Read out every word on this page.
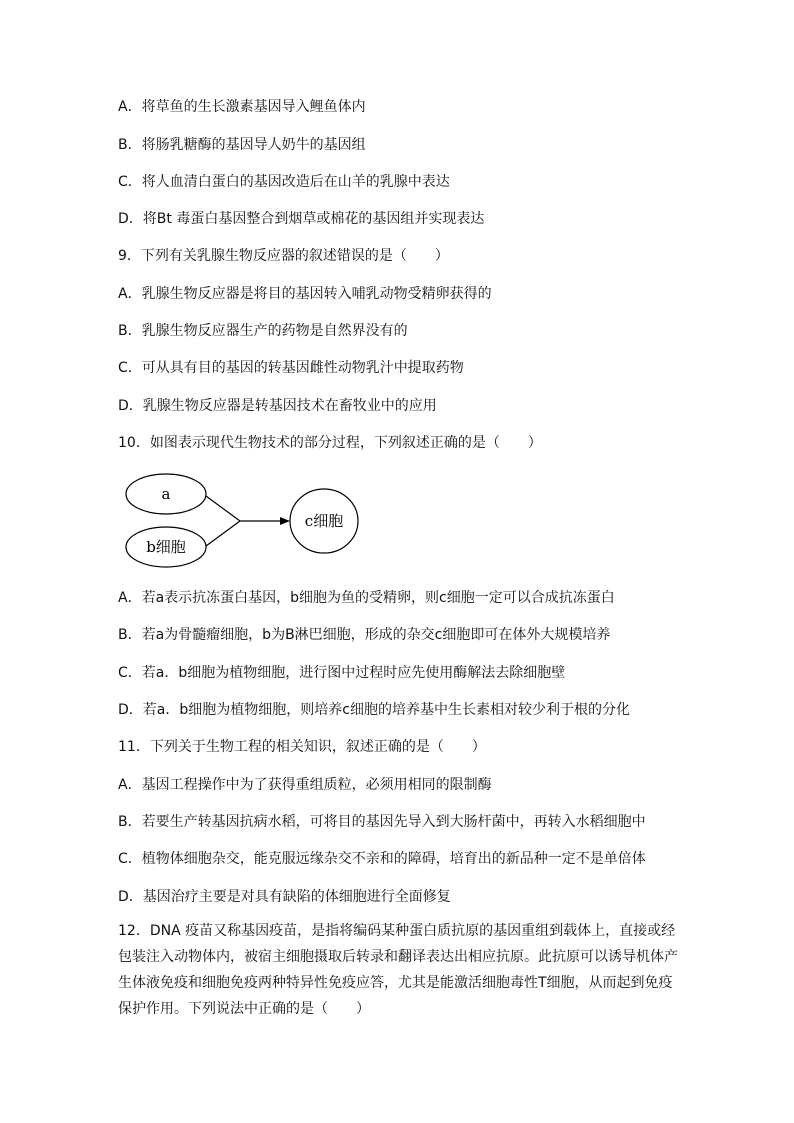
A．将草鱼的生长激素基因导入鲤鱼体内
B．将肠乳糖酶的基因导人奶牛的基因组
C．将人血清白蛋白的基因改造后在山羊的乳腺中表达
D．将Bt 毒蛋白基因整合到烟草或棉花的基因组并实现表达
9．下列有关乳腺生物反应器的叙述错误的是（　　）
A．乳腺生物反应器是将目的基因转入哺乳动物受精卵获得的
B．乳腺生物反应器生产的药物是自然界没有的
C．可从具有目的基因的转基因雌性动物乳汁中提取药物
D．乳腺生物反应器是转基因技术在畜牧业中的应用
10．如图表示现代生物技术的部分过程，下列叙述正确的是（　　）
a
b细胞
c细胞
A．若a表示抗冻蛋白基因，b细胞为鱼的受精卵，则c细胞一定可以合成抗冻蛋白
B．若a为骨髓瘤细胞，b为B淋巴细胞，形成的杂交c细胞即可在体外大规模培养
C．若a．b细胞为植物细胞，进行图中过程时应先使用酶解法去除细胞壁
D．若a．b细胞为植物细胞，则培养c细胞的培养基中生长素相对较少利于根的分化
11．下列关于生物工程的相关知识，叙述正确的是（　　）
A．基因工程操作中为了获得重组质粒，必须用相同的限制酶
B．若要生产转基因抗病水稻，可将目的基因先导入到大肠杆菌中，再转入水稻细胞中
C．植物体细胞杂交，能克服远缘杂交不亲和的障碍，培育出的新品种一定不是单倍体
D．基因治疗主要是对具有缺陷的体细胞进行全面修复
12．DNA 疫苗又称基因疫苗，是指将编码某种蛋白质抗原的基因重组到载体上，直接或经包装注入动物体内，被宿主细胞摄取后转录和翻译表达出相应抗原。此抗原可以诱导机体产生体液免疫和细胞免疫两种特异性免疫应答，尤其是能激活细胞毒性T细胞，从而起到免疫保护作用。下列说法中正确的是（　　）
